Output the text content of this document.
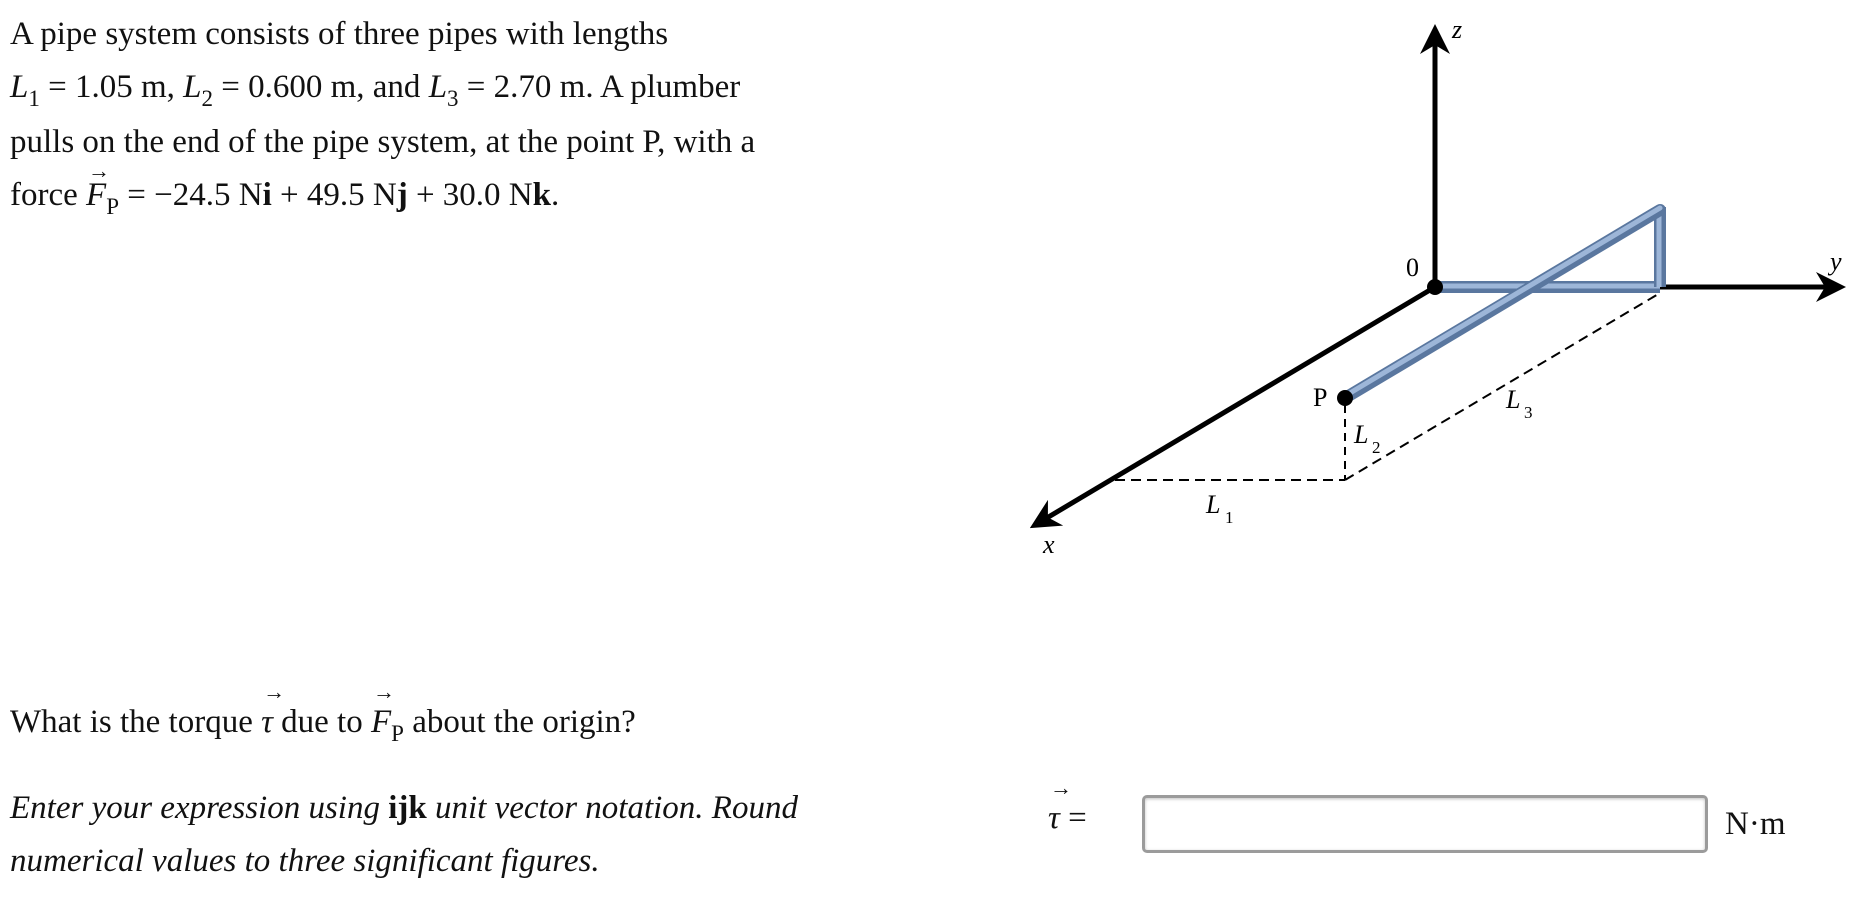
A pipe system consists of three pipes with lengths
$L_1 = 1.05$ m, $L_2 = 0.600$ m, and $L_3 = 2.70$ m. A plumber
pulls on the end of the pipe system, at the point P, with a
force → $F_P = -24.5$ Ni + 49.5 Nj + 30.0 Nk.
z
y
x
0
P
L 1
L 2
L 3
What is the torque → τ due to → $F_P$ about the origin?
Enter your expression using ijk unit vector notation. Round numerical values to three significant figures.
→ τ =	N·m
